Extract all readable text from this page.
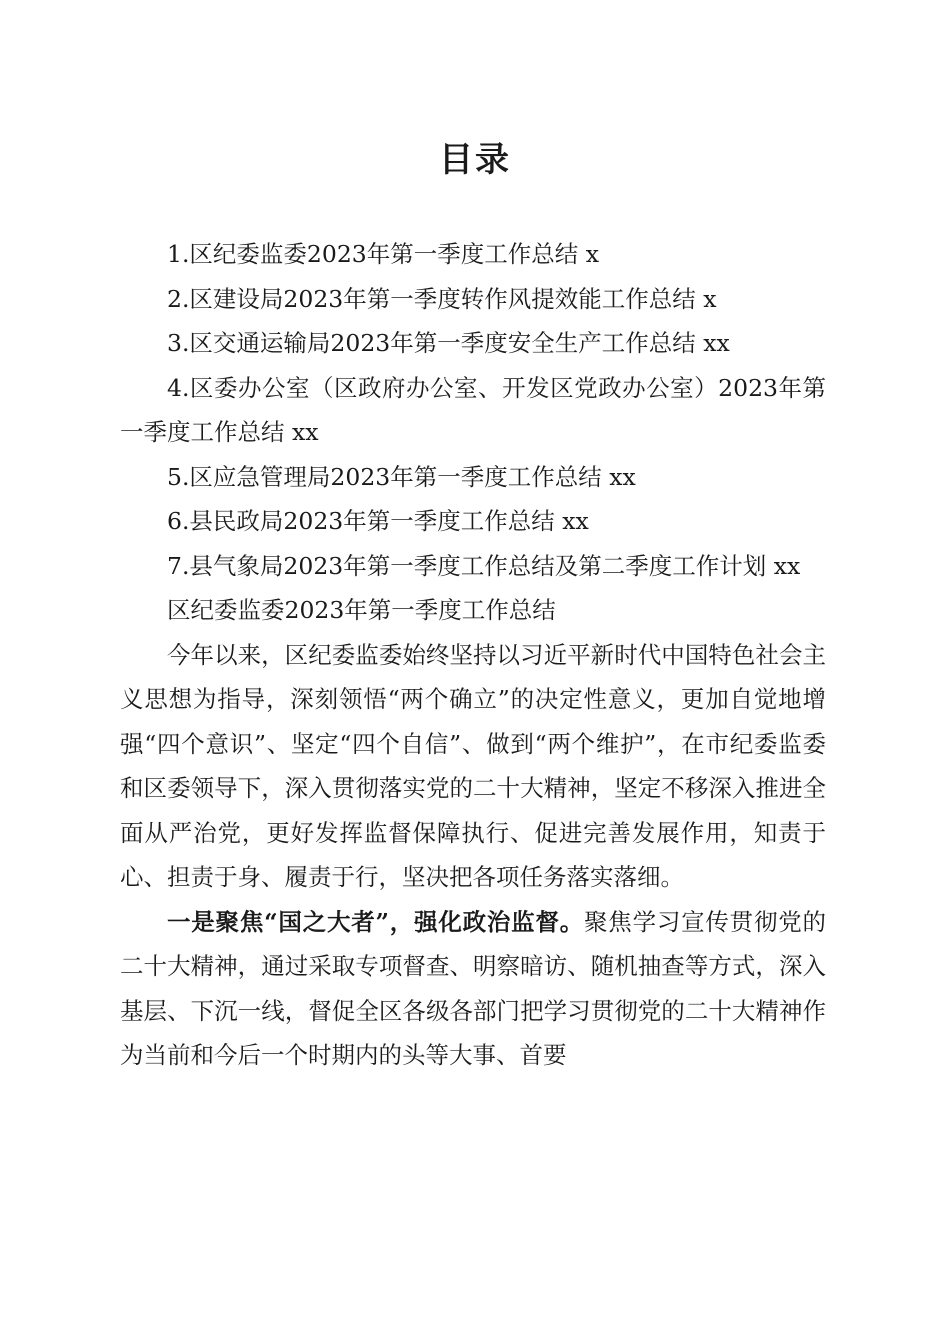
目录

1.区纪委监委2023年第一季度工作总结 x

2.区建设局2023年第一季度转作风提效能工作总结 x

3.区交通运输局2023年第一季度安全生产工作总结 xx

4.区委办公室（区政府办公室、开发区党政办公室）2023年第一季度工作总结 xx

5.区应急管理局2023年第一季度工作总结 xx

6.县民政局2023年第一季度工作总结 xx

7.县气象局2023年第一季度工作总结及第二季度工作计划 xx

区纪委监委2023年第一季度工作总结

今年以来，区纪委监委始终坚持以习近平新时代中国特色社会主义思想为指导，深刻领悟“两个确立”的决定性意义，更加自觉地增强“四个意识”、坚定“四个自信”、做到“两个维护”，在市纪委监委和区委领导下，深入贯彻落实党的二十大精神，坚定不移深入推进全面从严治党，更好发挥监督保障执行、促进完善发展作用，知责于心、担责于身、履责于行，坚决把各项任务落实落细。

一是聚焦“国之大者”，强化政治监督。聚焦学习宣传贯彻党的二十大精神，通过采取专项督查、明察暗访、随机抽查等方式，深入基层、下沉一线，督促全区各级各部门把学习贯彻党的二十大精神作为当前和今后一个时期内的头等大事、首要
